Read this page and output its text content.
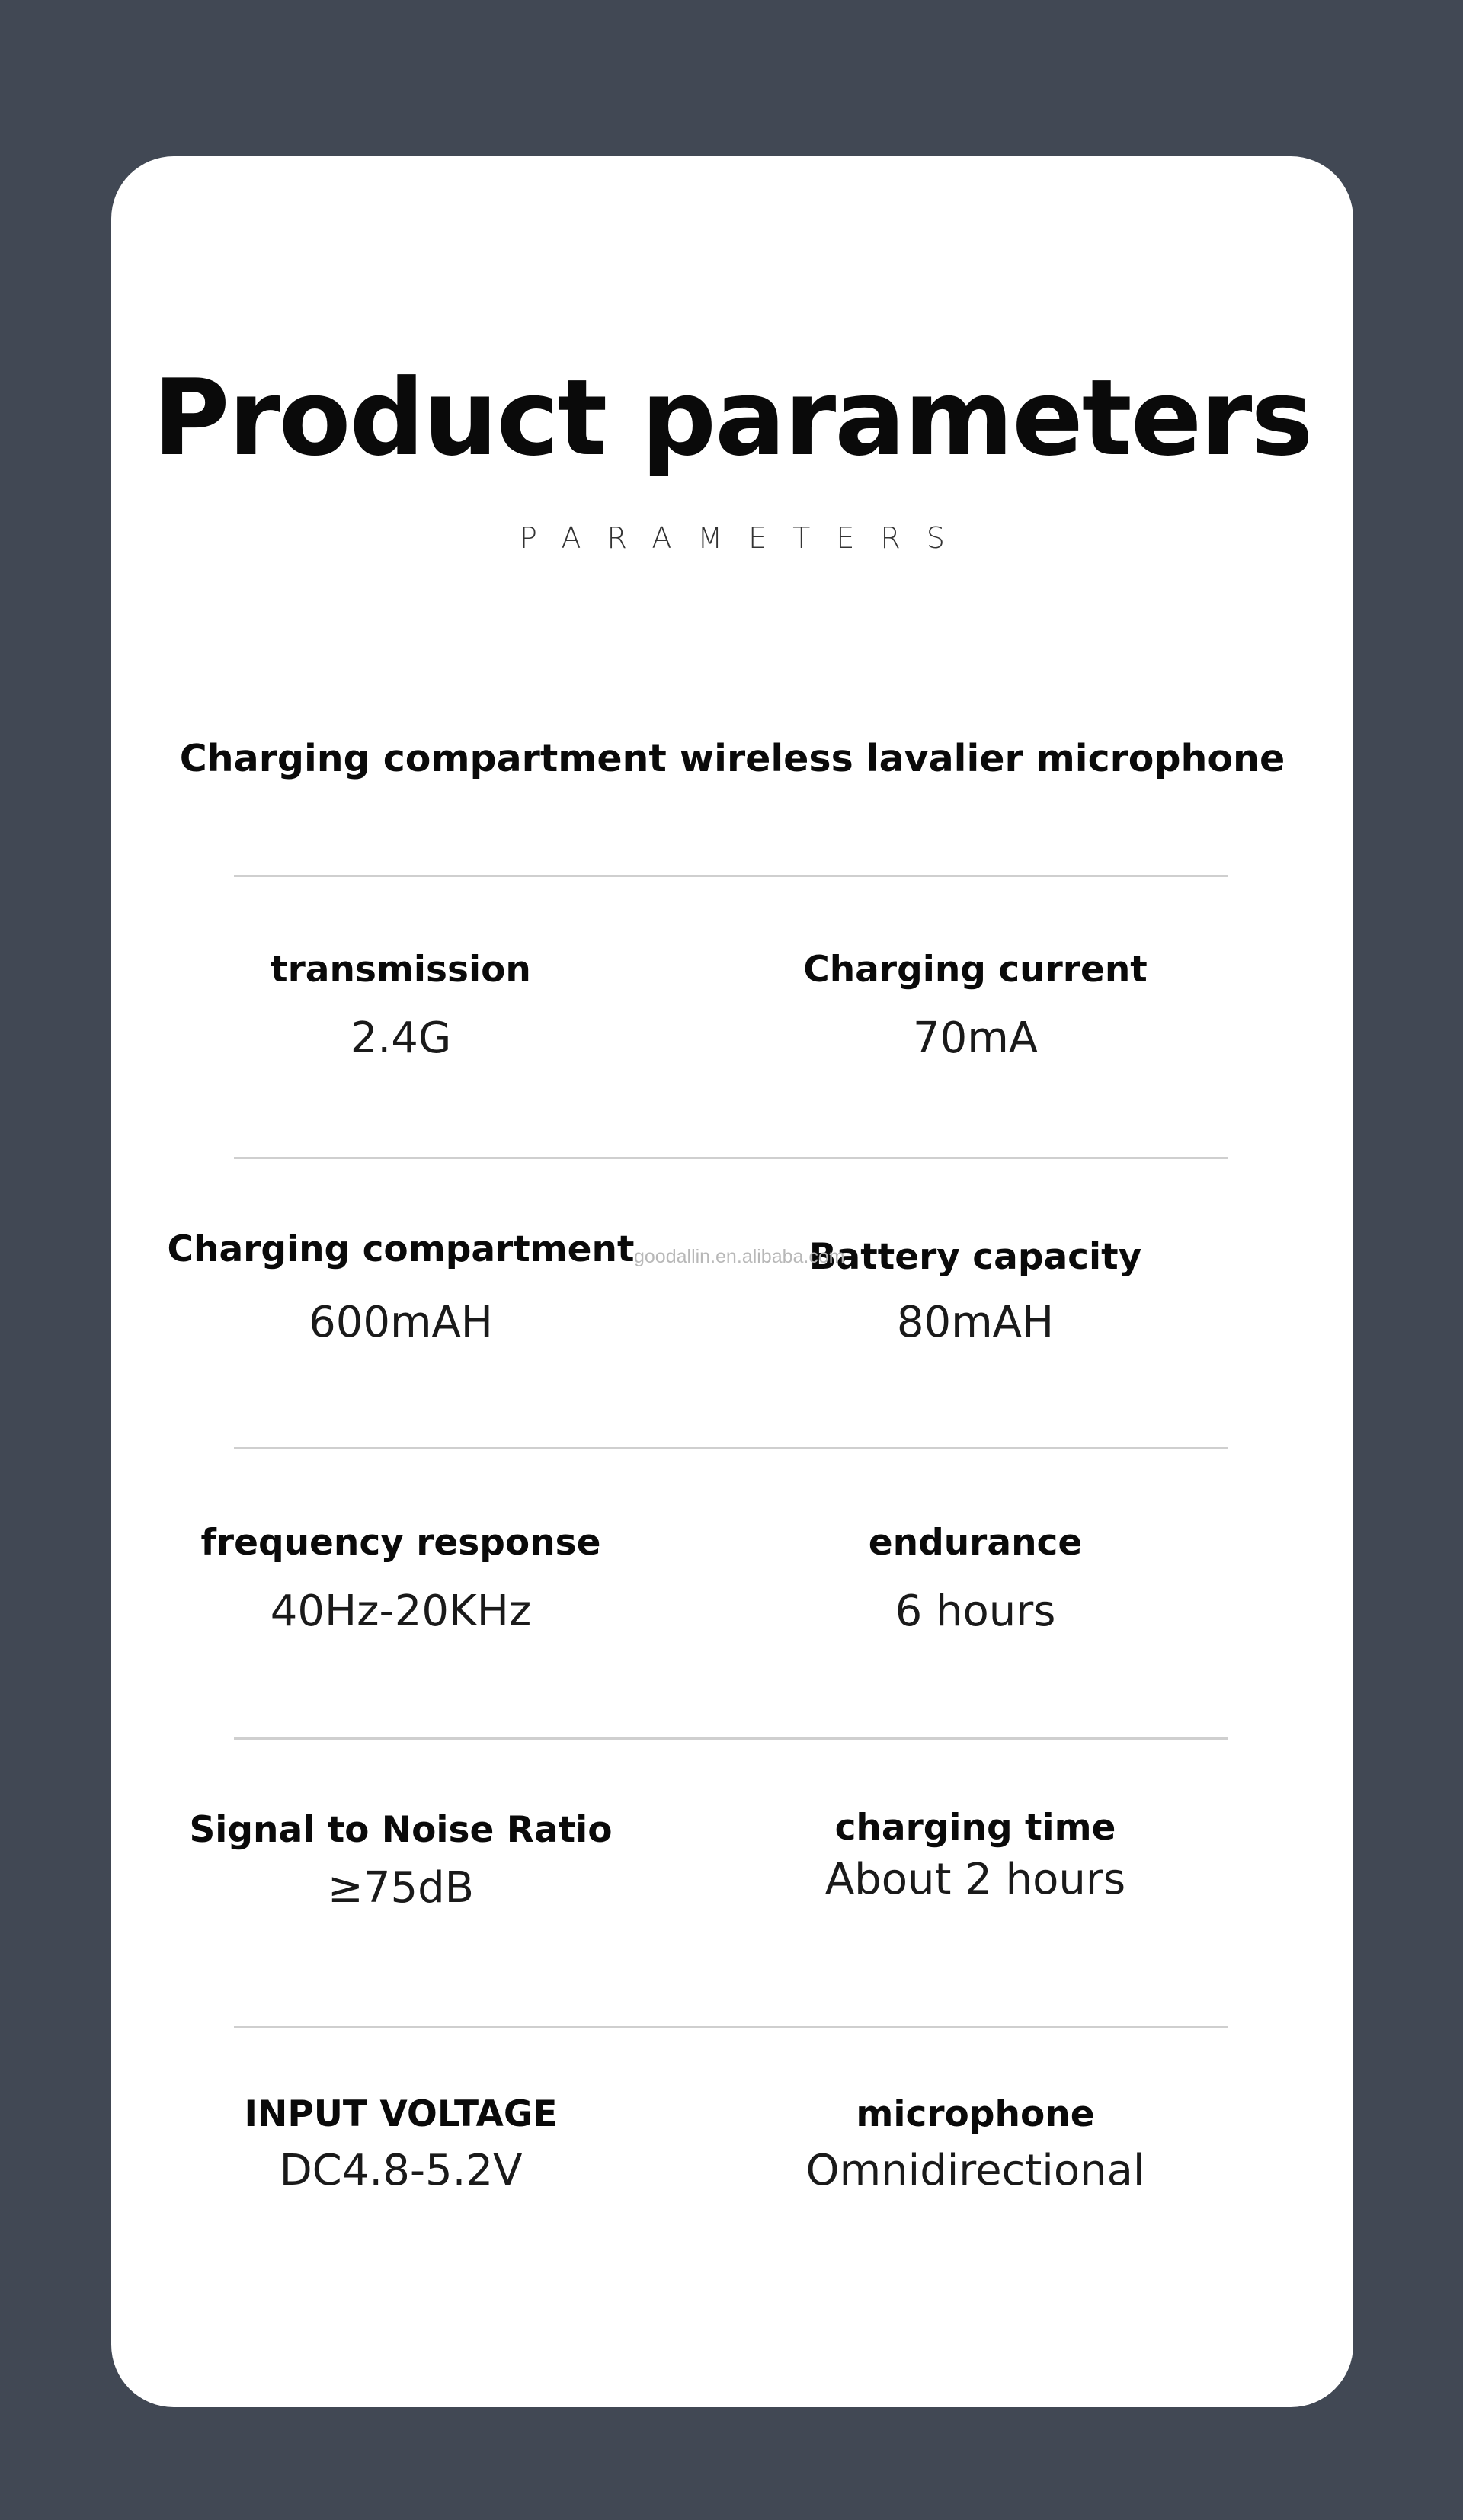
Product parameters
PARAMETERS
Charging compartment wireless lavalier microphone
transmission
2.4G
Charging current
70mA
Charging compartment
600mAH
Battery capacity
80mAH
frequency response
40Hz-20KHz
endurance
6 hours
Signal to Noise Ratio
≥75dB
charging time
About 2 hours
INPUT VOLTAGE
DC4.8-5.2V
microphone
Omnidirectional
goodallin.en.alibaba.com
